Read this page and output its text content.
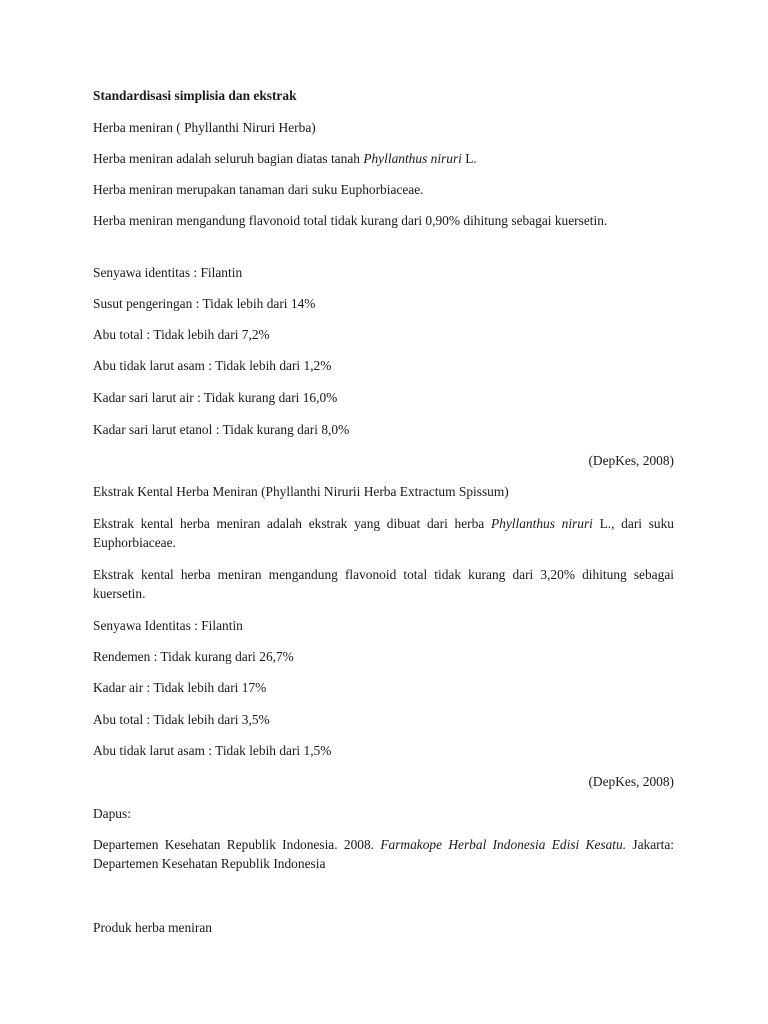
Standardisasi simplisia dan ekstrak

Herba meniran ( Phyllanthi Niruri Herba)

Herba meniran adalah seluruh bagian diatas tanah Phyllanthus niruri L.

Herba meniran merupakan tanaman dari suku Euphorbiaceae.

Herba meniran mengandung flavonoid total tidak kurang dari 0,90% dihitung sebagai kuersetin.

Senyawa identitas : Filantin

Susut pengeringan : Tidak lebih dari 14%

Abu total : Tidak lebih dari 7,2%

Abu tidak larut asam : Tidak lebih dari 1,2%

Kadar sari larut air : Tidak kurang dari 16,0%

Kadar sari larut etanol : Tidak kurang dari 8,0%

(DepKes, 2008)

Ekstrak Kental Herba Meniran (Phyllanthi Nirurii Herba Extractum Spissum)

Ekstrak kental herba meniran adalah ekstrak yang dibuat dari herba Phyllanthus niruri L., dari suku Euphorbiaceae.

Ekstrak kental herba meniran mengandung flavonoid total tidak kurang dari 3,20% dihitung sebagai kuersetin.

Senyawa Identitas : Filantin

Rendemen : Tidak kurang dari 26,7%

Kadar air : Tidak lebih dari 17%

Abu total : Tidak lebih dari 3,5%

Abu tidak larut asam : Tidak lebih dari 1,5%

(DepKes, 2008)

Dapus:

Departemen Kesehatan Republik Indonesia. 2008. Farmakope Herbal Indonesia Edisi Kesatu. Jakarta: Departemen Kesehatan Republik Indonesia

Produk herba meniran
